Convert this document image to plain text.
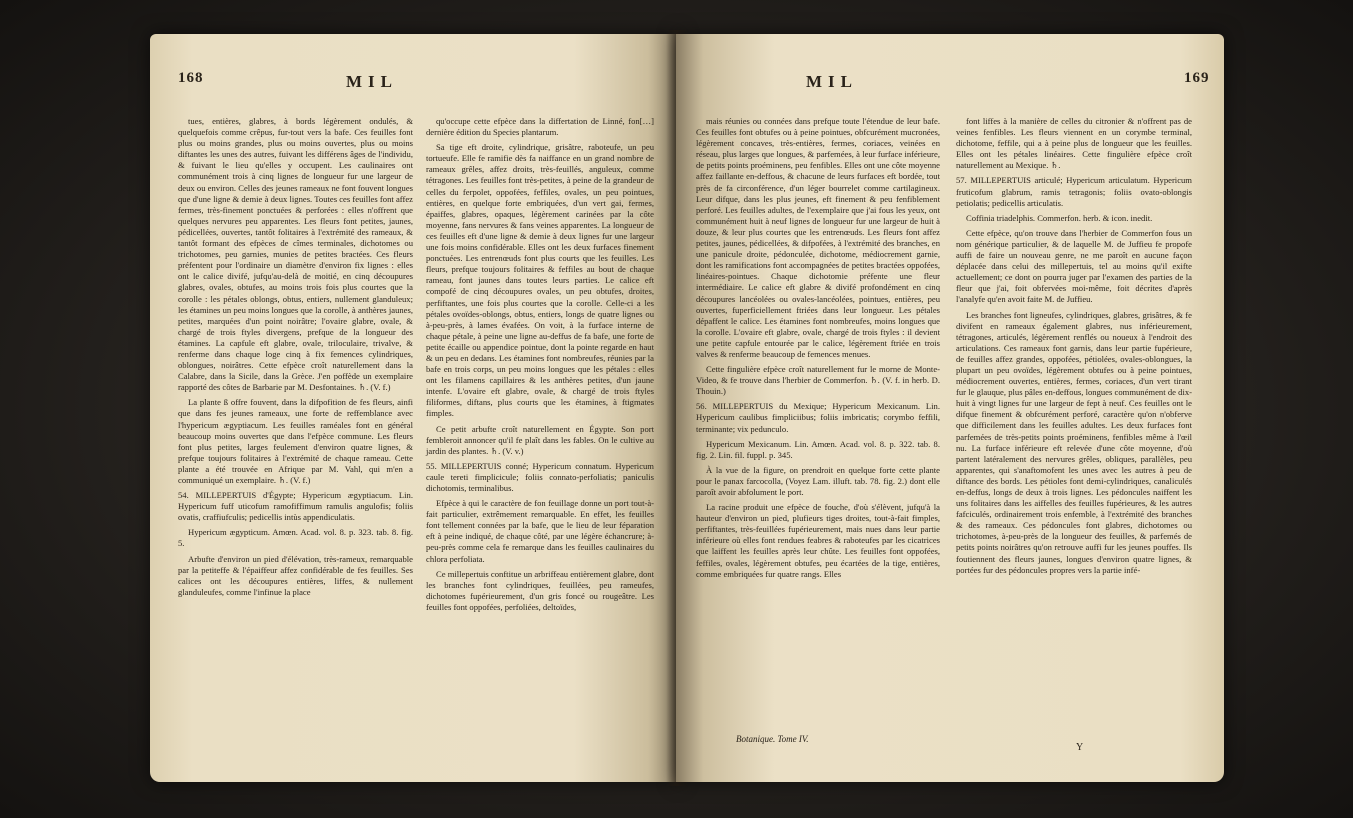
168	MIL

tues, entières, glabres, à bords légèrement ondulés, & quelquefois comme crêpus, fur-tout vers la bafe. Ces feuilles font plus ou moins grandes, plus ou moins ouvertes, plus ou moins diftantes les unes des autres, fuivant les différens âges de l'individu, & fuivant le lieu qu'elles y occupent. Les caulinaires ont communément trois à cinq lignes de longueur fur une largeur de deux ou environ. Celles des jeunes rameaux ne font fouvent longues que d'une ligne & demie à deux lignes. Toutes ces feuilles font affez fermes, très-finement ponctuées & perforées : elles n'offrent que quelques nervures peu apparentes. Les fleurs font petites, jaunes, pédicellées, ouvertes, tantôt folitaires à l'extrémité des rameaux, & tantôt formant des efpèces de cîmes terminales, dichotomes ou trichotomes, peu garnies, munies de petites bractées. Ces fleurs préfentent pour l'ordinaire un diamètre d'environ fix lignes : elles ont le calice divifé, jufqu'au-delà de moitié, en cinq découpures glabres, ovales, obtufes, au moins trois fois plus courtes que la corolle : les pétales oblongs, obtus, entiers, nullement glanduleux; les étamines un peu moins longues que la corolle, à anthères jaunes, petites, marquées d'un point noirâtre; l'ovaire glabre, ovale, & chargé de trois ftyles divergens, prefque de la longueur des étamines. La capfule eft glabre, ovale, triloculaire, trivalve, & renferme dans chaque loge cinq à fix femences cylindriques, oblongues, noirâtres. Cette efpèce croît naturellement dans la Calabre, dans la Sicile, dans la Grèce. J'en poffède un exemplaire rapporté des côtes de Barbarie par M. Desfontaines. ♄. (V. f.)

La plante ß offre fouvent, dans la difpofition de fes fleurs, ainfi que dans fes jeunes rameaux, une forte de reffemblance avec l'hypericum ægyptiacum. Les feuilles raméales font en général beaucoup moins ouvertes que dans l'efpèce commune. Les fleurs font plus petites, larges feulement d'environ quatre lignes, & prefque toujours folitaires à l'extrémité de chaque rameau. Cette plante a été trouvée en Afrique par M. Vahl, qui m'en a communiqué un exemplaire. ♄. (V. f.)

54. MILLEPERTUIS d'Égypte; Hypericum ægyptiacum. Lin. Hypericum fuff uticofum ramofiffimum ramulis angulofis; foliis ovatis, craffiufculis; pedicellis intùs appendiculatis.

Hypericum ægypticum. Amœn. Acad. vol. 8. p. 323. tab. 8. fig. 5.

Arbufte d'environ un pied d'élévation, très-rameux, remarquable par la petiteffe & l'épaiffeur affez confidérable de fes feuilles. Ses calices ont les découpures entières, liffes, & nullement glanduleufes, comme l'infinue la place

qu'occupe cette efpèce dans la differtation de Linné, fon[…] dernière édition du Species plantarum.

Sa tige eft droite, cylindrique, grisâtre, raboteufe, un peu tortueufe. Elle fe ramifie dès fa naiffance en un grand nombre de rameaux grêles, affez droits, très-feuillés, anguleux, comme tétragones. Les feuilles font très-petites, à peine de la grandeur de celles du ferpolet, oppofées, feffiles, ovales, un peu pointues, entières, en quelque forte embriquées, d'un vert gai, fermes, épaiffes, glabres, opaques, légèrement carinées par la côte moyenne, fans nervures & fans veines apparentes. La longueur de ces feuilles eft d'une ligne & demie à deux lignes fur une largeur une fois moins confidérable. Elles ont les deux furfaces finement ponctuées. Les entrenœuds font plus courts que les feuilles. Les fleurs, prefque toujours folitaires & feffiles au bout de chaque rameau, font jaunes dans toutes leurs parties. Le calice eft compofé de cinq découpures ovales, un peu obtufes, droites, perfiftantes, une fois plus courtes que la corolle. Celle-ci a les pétales ovoïdes-oblongs, obtus, entiers, longs de quatre lignes ou à-peu-près, à lames évafées. On voit, à la furface interne de chaque pétale, à peine une ligne au-deffus de fa bafe, une forte de petite écaille ou appendice pointue, dont la pointe regarde en haut & un peu en dedans. Les étamines font nombreufes, réunies par la bafe en trois corps, un peu moins longues que les pétales : elles ont les filamens capillaires & les anthères petites, d'un jaune intenfe. L'ovaire eft glabre, ovale, & chargé de trois ftyles filiformes, diftans, plus courts que les étamines, à ftigmates fimples.

Ce petit arbufte croît naturellement en Égypte. Son port fembleroit annoncer qu'il fe plaît dans les fables. On le cultive au jardin des plantes. ♄. (V. v.)

55. MILLEPERTUIS conné; Hypericum connatum. Hypericum caule tereti fimplicicule; foliis connato-perfoliatis; paniculis dichotomis, terminalibus.

Efpèce à qui le caractère de fon feuillage donne un port tout-à-fait particulier, extrêmement remarquable. En effet, les feuilles font tellement connées par la bafe, que le lieu de leur féparation eft à peine indiqué, de chaque côté, par une légère échancrure; à-peu-près comme cela fe remarque dans les feuilles caulinaires du chlora perfoliata.

Ce millepertuis conftitue un arbriffeau entièrement glabre, dont les branches font cylindriques, feuillées, peu rameufes, dichotomes fupérieurement, d'un gris foncé ou rougeâtre. Les feuilles font oppofées, perfoliées, deltoïdes,

MIL	169

mais réunies ou connées dans prefque toute l'étendue de leur bafe. Ces feuilles font obtufes ou à peine pointues, obfcurément mucronées, légèrement concaves, très-entières, fermes, coriaces, veinées en réseau, plus larges que longues, & parfemées, à leur furface inférieure, de petits points proéminens, peu fenfibles. Elles ont une côte moyenne affez faillante en-deffous, & chacune de leurs furfaces eft bordée, tout près de fa circonférence, d'un léger bourrelet comme cartilagineux. Leur difque, dans les plus jeunes, eft finement & peu fenfiblement perforé. Les feuilles adultes, de l'exemplaire que j'ai fous les yeux, ont communément huit à neuf lignes de longueur fur une largeur de huit à douze, & leur plus courtes que les entrenœuds. Les fleurs font affez petites, jaunes, pédicellées, & difpofées, à l'extrémité des branches, en une panicule droite, pédonculée, dichotome, médiocrement garnie, dont les ramifications font accompagnées de petites bractées oppofées, linéaires-pointues. Chaque dichotomie préfente une fleur intermédiaire. Le calice eft glabre & divifé profondément en cinq découpures lancéolées ou ovales-lancéolées, pointues, entières, peu ouvertes, fuperficiellement ftriées dans leur longueur. Les pétales dépaffent le calice. Les étamines font nombreufes, moins longues que la corolle. L'ovaire eft glabre, ovale, chargé de trois ftyles : il devient une petite capfule entourée par le calice, légèrement ftriée en trois valves & renferme beaucoup de femences menues.

Cette fingulière efpèce croît naturellement fur le morne de Monte-Video, & fe trouve dans l'herbier de Commerfon. ♄. (V. f. in herb. D. Thouin.)

56. MILLEPERTUIS du Mexique; Hypericum Mexicanum. Lin. Hypericum caulibus fimpliciibus; foliis imbricatis; corymbo feffili, terminante; vix pedunculo.

Hypericum Mexicanum. Lin. Amœn. Acad. vol. 8. p. 322. tab. 8. fig. 2. Lin. fil. fuppl. p. 345.

À la vue de la figure, on prendroit en quelque forte cette plante pour le panax farcocolla, (Voyez Lam. illuft. tab. 78. fig. 2.) dont elle paroît avoir abfolument le port.

La racine produit une efpèce de fouche, d'où s'élèvent, jufqu'à la hauteur d'environ un pied, plufieurs tiges droites, tout-à-fait fimples, perfiftantes, très-feuillées fupérieurement, mais nues dans leur partie inférieure où elles font rendues feabres & raboteufes par les cicatrices que laiffent les feuilles après leur chûte. Les feuilles font oppofées, feffiles, ovales, légèrement obtufes, peu écartées de la tige, entières, comme embriquées fur quatre rangs. Elles

font liffes à la manière de celles du citronier & n'offrent pas de veines fenfibles. Les fleurs viennent en un corymbe terminal, dichotome, feffile, qui a à peine plus de longueur que les feuilles. Elles ont les pétales linéaires. Cette fingulière efpèce croît naturellement au Mexique. ♄.

57. MILLEPERTUIS articulé; Hypericum articulatum. Hypericum fruticofum glabrum, ramis tetragonis; foliis ovato-oblongis petiolatis; pedicellis articulatis.

Coffinia triadelphis. Commerfon. herb. & icon. inedit.

Cette efpèce, qu'on trouve dans l'herbier de Commerfon fous un nom générique particulier, & de laquelle M. de Juffieu fe propofe auffi de faire un nouveau genre, ne me paroît en aucune façon déplacée dans celui des millepertuis, tel au moins qu'il exifte actuellement; ce dont on pourra juger par l'examen des parties de la fleur que j'ai, foit obfervées moi-même, foit décrites d'après l'analyfe qu'en avoit faite M. de Juffieu.

Les branches font ligneufes, cylindriques, glabres, grisâtres, & fe divifent en rameaux également glabres, nus inférieurement, tétragones, articulés, légèrement renflés ou noueux à l'endroit des articulations. Ces rameaux font garnis, dans leur partie fupérieure, de feuilles affez grandes, oppofées, pétiolées, ovales-oblongues, la plupart un peu ovoïdes, légèrement obtufes ou à peine pointues, médiocrement ouvertes, entières, fermes, coriaces, d'un vert tirant fur le glauque, plus pâles en-deffous, longues communément de dix-huit à vingt lignes fur une largeur de fept à neuf. Ces feuilles ont le difque finement & obfcurément perforé, caractère qu'on n'obferve que difficilement dans les feuilles adultes. Les deux furfaces font parfemées de très-petits points proéminens, fenfibles même à l'œil nu. La furface inférieure eft relevée d'une côte moyenne, d'où partent latéralement des nervures grêles, obliques, parallèles, peu apparentes, qui s'anaftomofent les unes avec les autres à peu de diftance des bords. Les pétioles font demi-cylindriques, canaliculés en-deffus, longs de deux à trois lignes. Les pédoncules naiffent les uns folitaires dans les aiffelles des feuilles fupérieures, & les autres fafciculés, ordinairement trois enfemble, à l'extrémité des branches & des rameaux. Ces pédoncules font glabres, dichotomes ou trichotomes, à-peu-près de la longueur des feuilles, & parfemés de petits points noirâtres qu'on retrouve auffi fur les jeunes pouffes. Ils foutiennent des fleurs jaunes, longues d'environ quatre lignes, & portées fur des pédoncules propres vers la partie infé-

Botanique. Tome IV.
Y
